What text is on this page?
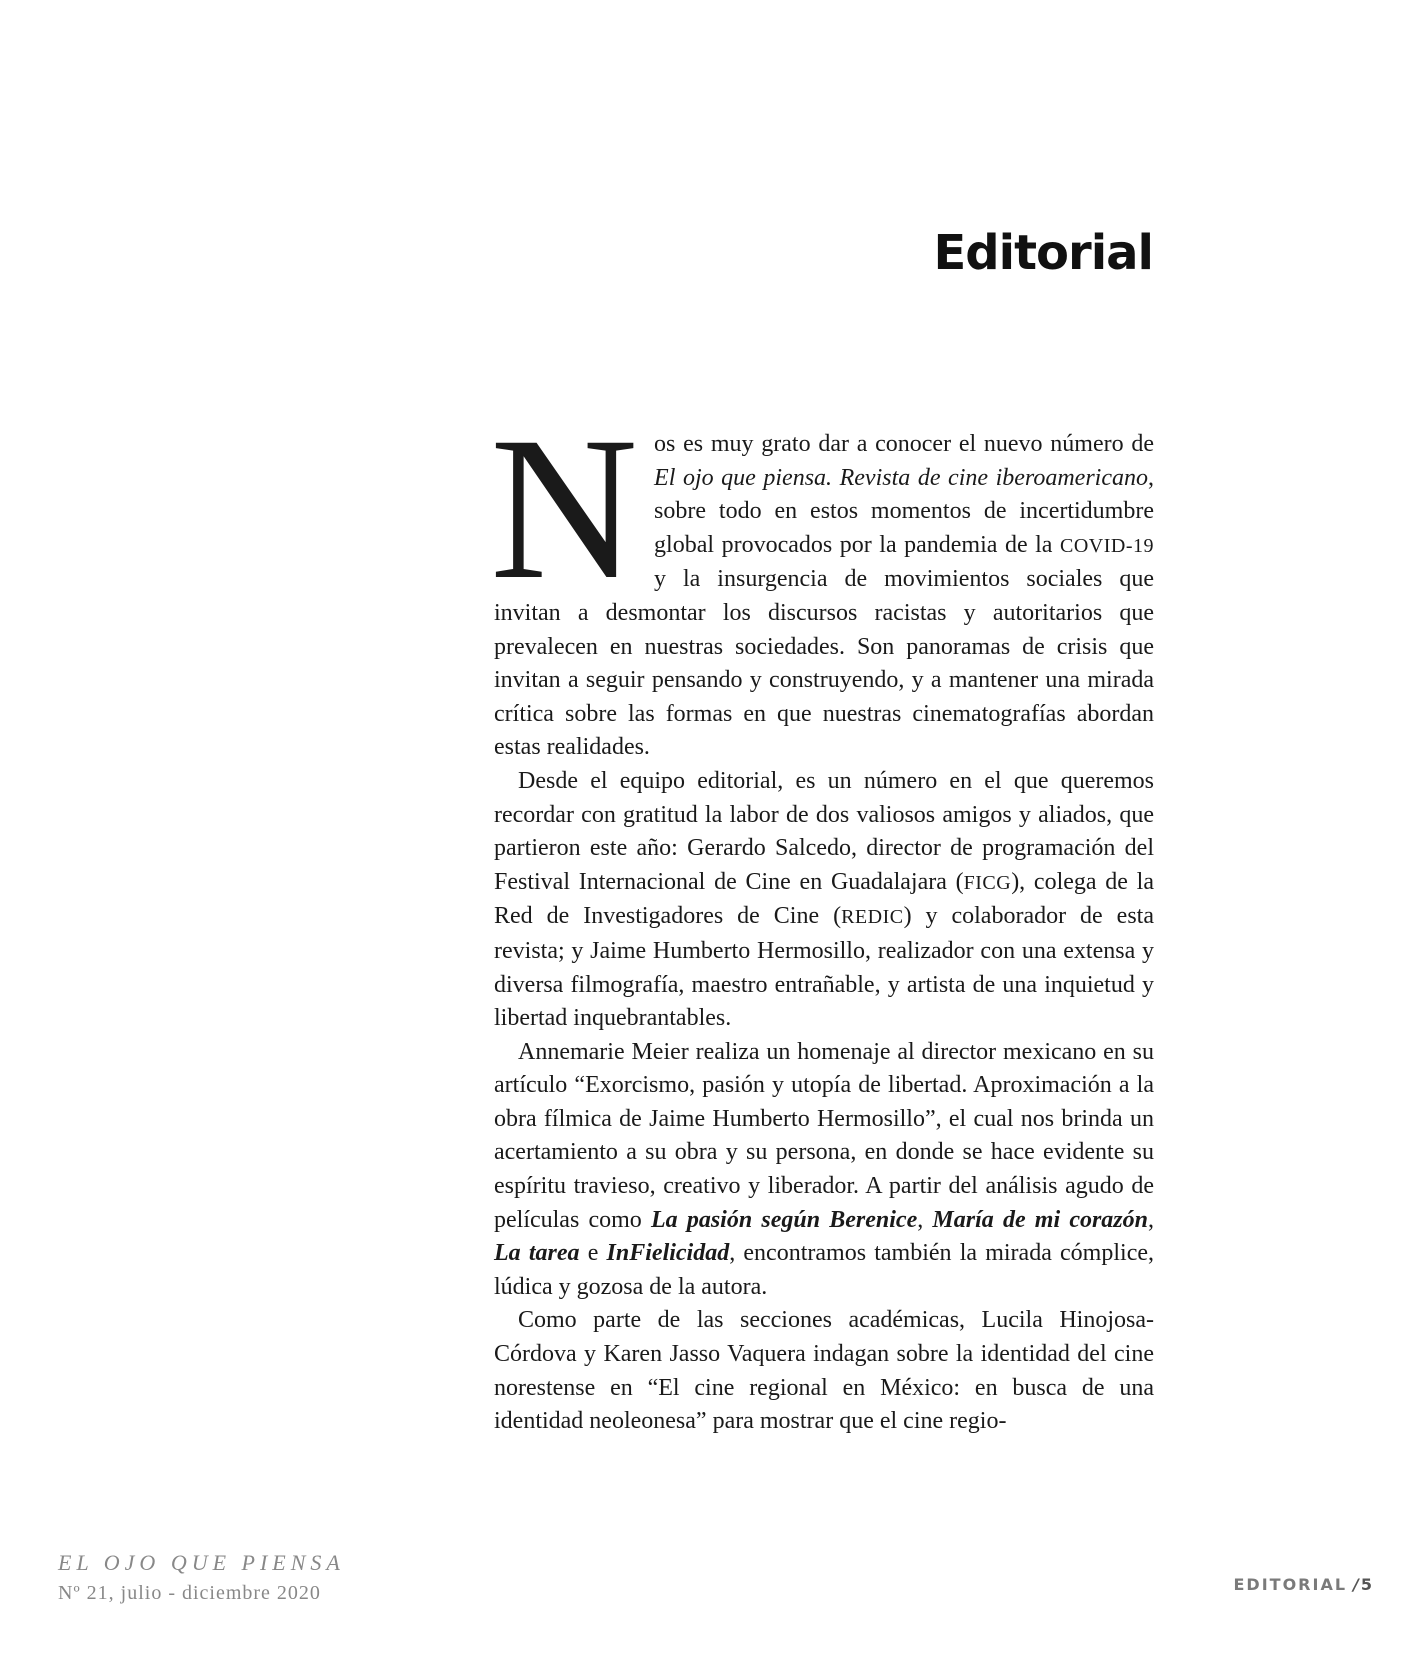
Editorial

Nos es muy grato dar a conocer el nuevo número de El ojo que piensa. Revista de cine iberoamericano, sobre todo en estos momentos de incertidumbre global provocados por la pandemia de la COVID-19 y la insurgencia de movimientos sociales que invitan a desmontar los discursos racistas y autoritarios que prevalecen en nuestras sociedades. Son panoramas de crisis que invitan a seguir pensando y construyendo, y a mantener una mirada crítica sobre las formas en que nuestras cinematografías abordan estas realidades.

Desde el equipo editorial, es un número en el que queremos recordar con gratitud la labor de dos valiosos amigos y aliados, que partieron este año: Gerardo Salcedo, director de programación del Festival Internacional de Cine en Guadalajara (FICG), colega de la Red de Investigadores de Cine (REDIC) y colaborador de esta revista; y Jaime Humberto Hermosillo, realizador con una extensa y diversa filmografía, maestro entrañable, y artista de una inquietud y libertad inquebrantables.

Annemarie Meier realiza un homenaje al director mexicano en su artículo “Exorcismo, pasión y utopía de libertad. Aproximación a la obra fílmica de Jaime Humberto Hermosillo”, el cual nos brinda un acertamiento a su obra y su persona, en donde se hace evidente su espíritu travieso, creativo y liberador. A partir del análisis agudo de películas como La pasión según Berenice, María de mi corazón, La tarea e InFielicidad, encontramos también la mirada cómplice, lúdica y gozosa de la autora.

Como parte de las secciones académicas, Lucila Hinojosa-Córdova y Karen Jasso Vaquera indagan sobre la identidad del cine norestense en “El cine regional en México: en busca de una identidad neoleonesa” para mostrar que el cine regio-

EL OJO QUE PIENSA
Nº 21, julio - diciembre 2020	EDITORIAL /5
